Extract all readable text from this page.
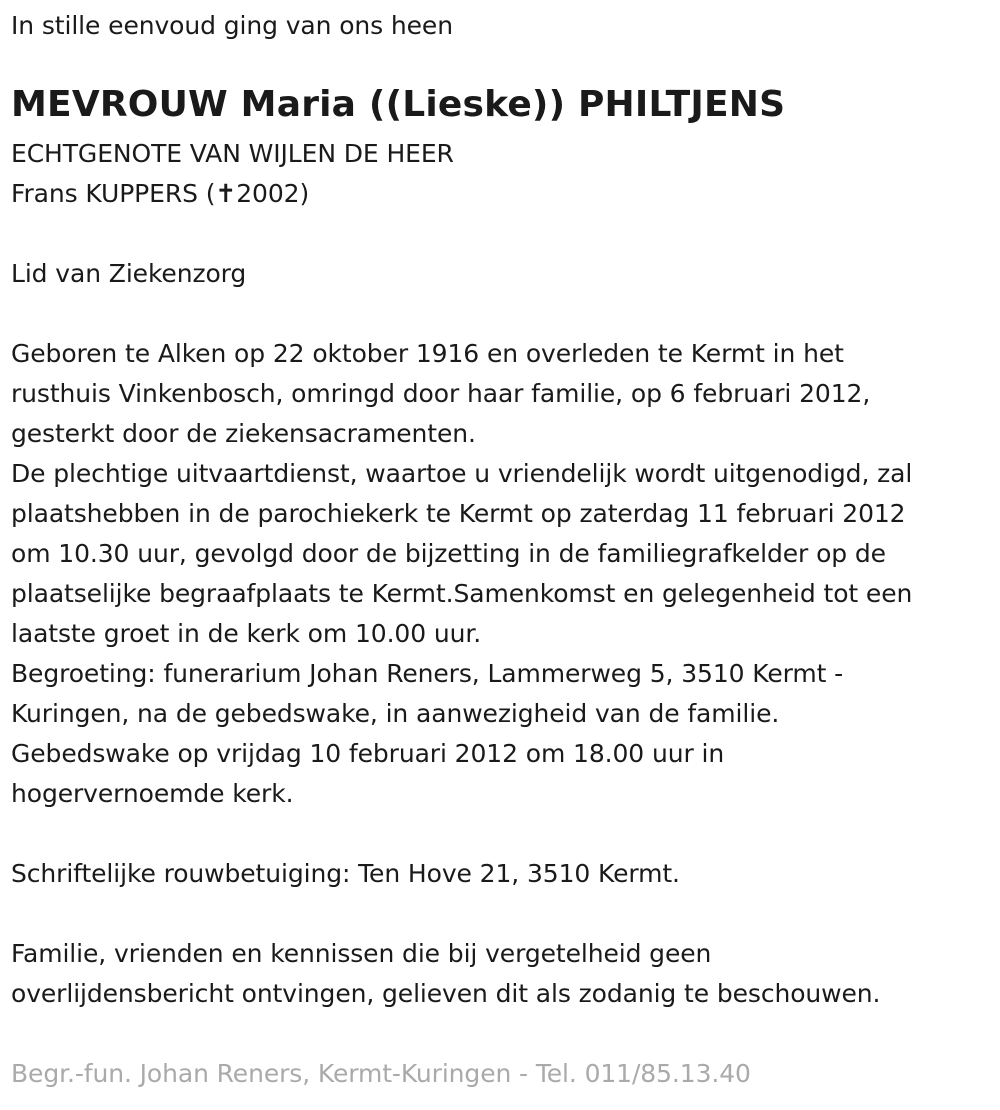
In stille eenvoud ging van ons heen
MEVROUW Maria ((Lieske)) PHILTJENS
ECHTGENOTE VAN WIJLEN DE HEER
Frans KUPPERS (✝2002)
Lid van Ziekenzorg
Geboren te Alken op 22 oktober 1916 en overleden te Kermt in het
rusthuis Vinkenbosch, omringd door haar familie, op 6 februari 2012,
gesterkt door de ziekensacramenten.
De plechtige uitvaartdienst, waartoe u vriendelijk wordt uitgenodigd, zal
plaatshebben in de parochiekerk te Kermt op zaterdag 11 februari 2012
om 10.30 uur, gevolgd door de bijzetting in de familiegrafkelder op de
plaatselijke begraafplaats te Kermt.Samenkomst en gelegenheid tot een
laatste groet in de kerk om 10.00 uur.
Begroeting: funerarium Johan Reners, Lammerweg 5, 3510 Kermt -
Kuringen, na de gebedswake, in aanwezigheid van de familie.
Gebedswake op vrijdag 10 februari 2012 om 18.00 uur in
hogervernoemde kerk.
Schriftelijke rouwbetuiging: Ten Hove 21, 3510 Kermt.
Familie, vrienden en kennissen die bij vergetelheid geen
overlijdensbericht ontvingen, gelieven dit als zodanig te beschouwen.
Begr.-fun. Johan Reners, Kermt-Kuringen - Tel. 011/85.13.40
